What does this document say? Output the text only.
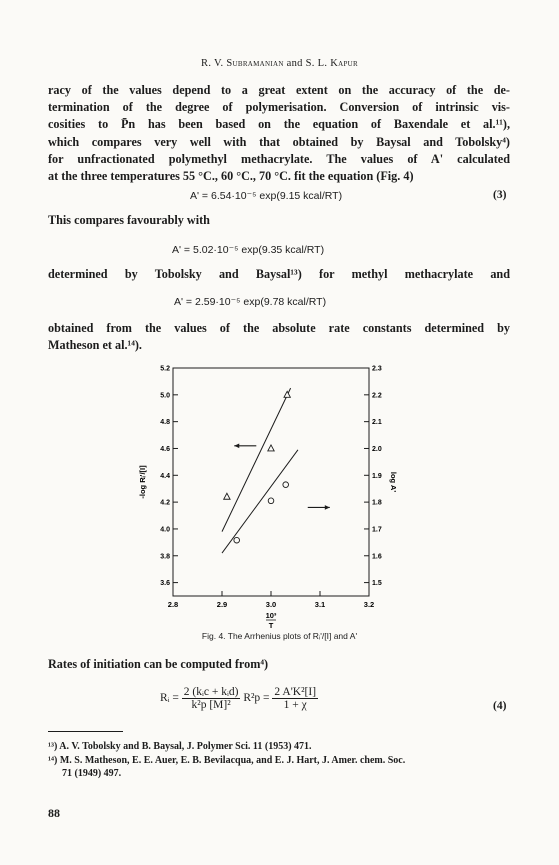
R. V. Subramanian and S. L. Kapur
racy of the values depend to a great extent on the accuracy of the de-
termination of the degree of polymerisation. Conversion of intrinsic vis-
cosities to P̄n has been based on the equation of Baxendale et al.¹¹),
which compares very well with that obtained by Baysal and Tobolsky⁴)
for unfractionated polymethyl methacrylate. The values of A' calculated
at the three temperatures 55 °C., 60 °C., 70 °C. fit the equation (Fig. 4)
A' = 6.54·10⁻⁵ exp(9.15 kcal/RT)	(3)
This compares favourably with
A' = 5.02·10⁻⁵ exp(9.35 kcal/RT)
determined by Tobolsky and Baysal¹³) for methyl methacrylate and
A' = 2.59·10⁻⁵ exp(9.78 kcal/RT)
obtained from the values of the absolute rate constants determined by
Matheson et al.¹⁴).
2.8	2.9	3.0	3.1	3.2
5.2
5.0
4.8
4.6
4.4
4.2
4.0
3.8
3.6
2.3
2.2
2.1
2.0
1.9
1.8
1.7
1.6
1.5
10³
T
-log Rᵢ'/[I]	log A'
Fig. 4. The Arrhenius plots of Rᵢ'/[I] and A'
Rates of initiation can be computed from⁴)
Rᵢ = $\frac{\text{2 (kᵢc + kᵢd)}}{\text{k²p [M]²}} R^2p = \frac{\text{2 A'K²[I]}}{1 + \chi}$	(4)
¹³) A. V. Tobolsky and B. Baysal, J. Polymer Sci. 11 (1953) 471.
¹⁴) M. S. Matheson, E. E. Auer, E. B. Bevilacqua, and E. J. Hart, J. Amer. chem. Soc.
71 (1949) 497.
88
